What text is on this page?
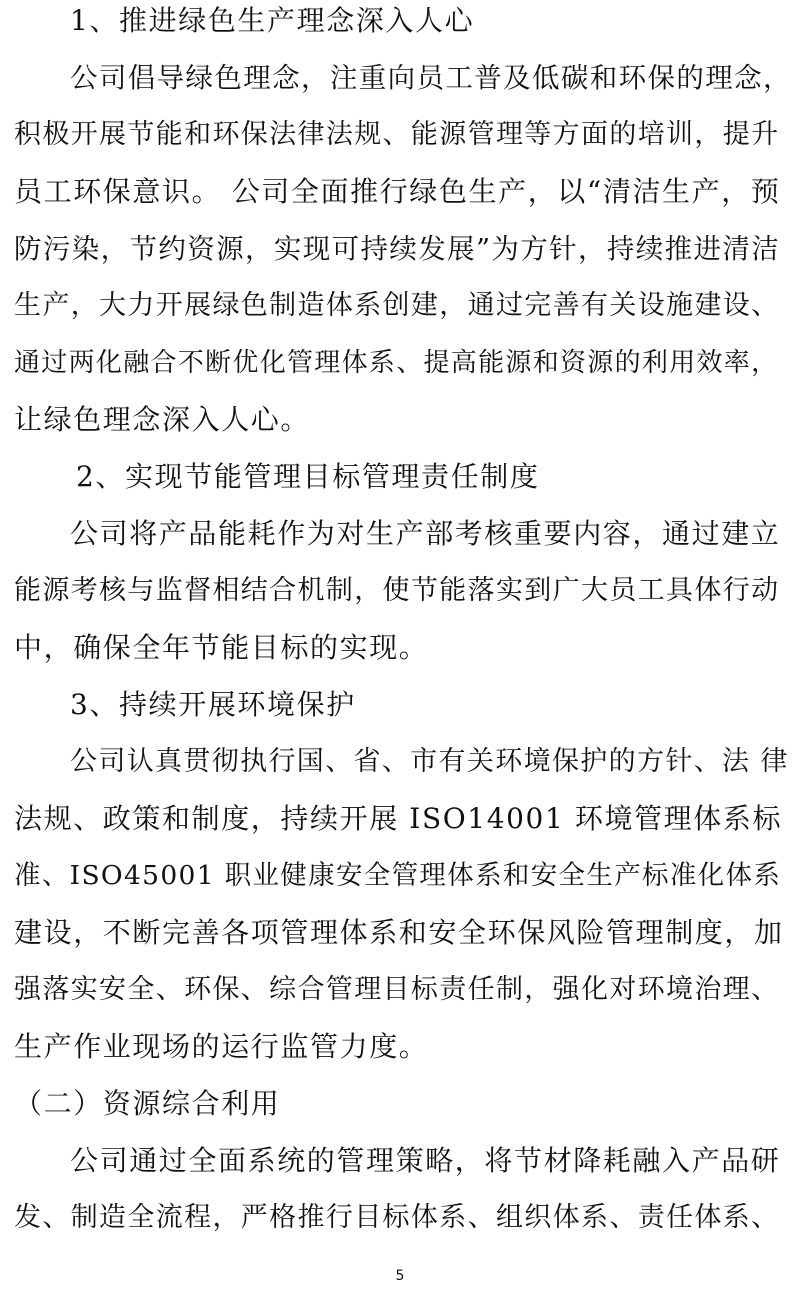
1、推进绿色生产理念深入人心
公司倡导绿色理念，注重向员工普及低碳和环保的理念，
积极开展节能和环保法律法规、能源管理等方面的培训，提升
员工环保意识。 公司全面推行绿色生产，以“清洁生产，预
防污染，节约资源，实现可持续发展”为方针，持续推进清洁
生产，大力开展绿色制造体系创建，通过完善有关设施建设、
通过两化融合不断优化管理体系、提高能源和资源的利用效率，
让绿色理念深入人心。
2、实现节能管理目标管理责任制度
公司将产品能耗作为对生产部考核重要内容，通过建立
能源考核与监督相结合机制，使节能落实到广大员工具体行动
中，确保全年节能目标的实现。
3、持续开展环境保护
公司认真贯彻执行国、省、市有关环境保护的方针、法 律
法规、政策和制度，持续开展 ISO14001 环境管理体系标
准、ISO45001 职业健康安全管理体系和安全生产标准化体系
建设，不断完善各项管理体系和安全环保风险管理制度，加
强落实安全、环保、综合管理目标责任制，强化对环境治理、
生产作业现场的运行监管力度。
（二）资源综合利用
公司通过全面系统的管理策略，将节材降耗融入产品研
发、制造全流程，严格推行目标体系、组织体系、责任体系、
5
